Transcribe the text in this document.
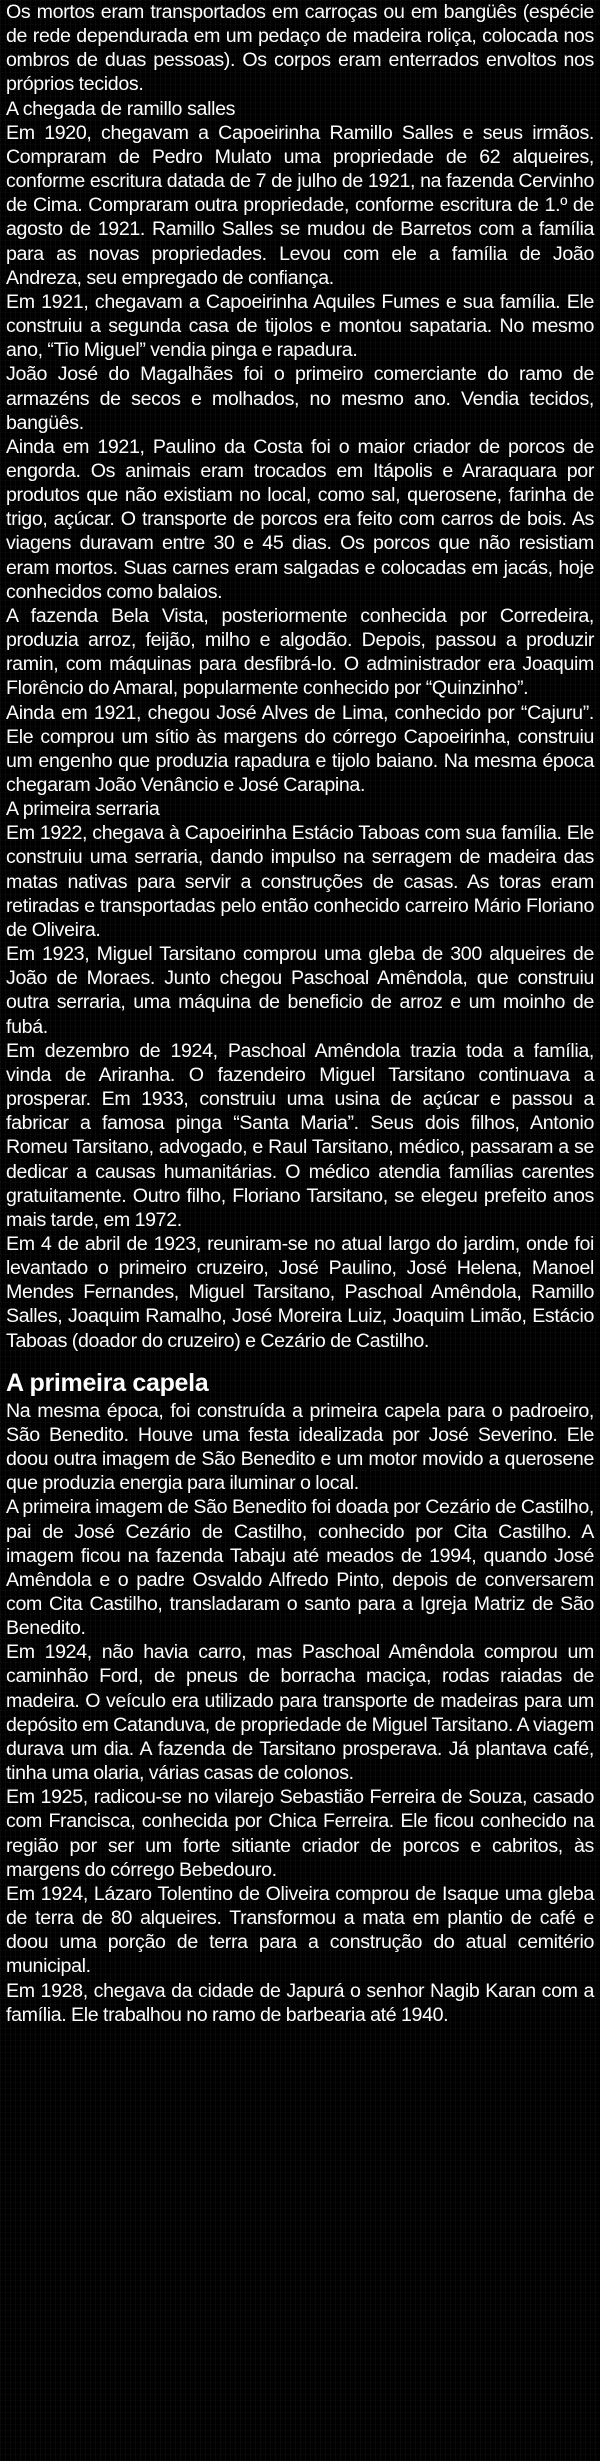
Os mortos eram transportados em carroças ou em bangüês (espécie de rede dependurada em um pedaço de madeira roliça, colocada nos ombros de duas pessoas). Os corpos eram enterrados envoltos nos próprios tecidos.

A chegada de ramillo salles

Em 1920, chegavam a Capoeirinha Ramillo Salles e seus irmãos. Compraram de Pedro Mulato uma propriedade de 62 alqueires, conforme escritura datada de 7 de julho de 1921, na fazenda Cervinho de Cima. Compraram outra propriedade, conforme escritura de 1.º de agosto de 1921. Ramillo Salles se mudou de Barretos com a família para as novas propriedades. Levou com ele a família de João Andreza, seu empregado de confiança.

Em 1921, chegavam a Capoeirinha Aquiles Fumes e sua família. Ele construiu a segunda casa de tijolos e montou sapataria. No mesmo ano, “Tio Miguel” vendia pinga e rapadura.

João José do Magalhães foi o primeiro comerciante do ramo de armazéns de secos e molhados, no mesmo ano. Vendia tecidos, bangüês.

Ainda em 1921, Paulino da Costa foi o maior criador de porcos de engorda. Os animais eram trocados em Itápolis e Araraquara por produtos que não existiam no local, como sal, querosene, farinha de trigo, açúcar. O transporte de porcos era feito com carros de bois. As viagens duravam entre 30 e 45 dias. Os porcos que não resistiam eram mortos. Suas carnes eram salgadas e colocadas em jacás, hoje conhecidos como balaios.

A fazenda Bela Vista, posteriormente conhecida por Corredeira, produzia arroz, feijão, milho e algodão. Depois, passou a produzir ramin, com máquinas para desfibrá-lo. O administrador era Joaquim Florêncio do Amaral, popularmente conhecido por “Quinzinho”.

Ainda em 1921, chegou José Alves de Lima, conhecido por “Cajuru”. Ele comprou um sítio às margens do córrego Capoeirinha, construiu um engenho que produzia rapadura e tijolo baiano. Na mesma época chegaram João Venâncio e José Carapina.

A primeira serraria

Em 1922, chegava à Capoeirinha Estácio Taboas com sua família. Ele construiu uma serraria, dando impulso na serragem de madeira das matas nativas para servir a construções de casas. As toras eram retiradas e transportadas pelo então conhecido carreiro Mário Floriano de Oliveira.

Em 1923, Miguel Tarsitano comprou uma gleba de 300 alqueires de João de Moraes. Junto chegou Paschoal Amêndola, que construiu outra serraria, uma máquina de beneficio de arroz e um moinho de fubá.

Em dezembro de 1924, Paschoal Amêndola trazia toda a família, vinda de Ariranha. O fazendeiro Miguel Tarsitano continuava a prosperar. Em 1933, construiu uma usina de açúcar e passou a fabricar a famosa pinga “Santa Maria”. Seus dois filhos, Antonio Romeu Tarsitano, advogado, e Raul Tarsitano, médico, passaram a se dedicar a causas humanitárias. O médico atendia famílias carentes gratuitamente. Outro filho, Floriano Tarsitano, se elegeu prefeito anos mais tarde, em 1972.

Em 4 de abril de 1923, reuniram-se no atual largo do jardim, onde foi levantado o primeiro cruzeiro, José Paulino, José Helena, Manoel Mendes Fernandes, Miguel Tarsitano, Paschoal Amêndola, Ramillo Salles, Joaquim Ramalho, José Moreira Luiz, Joaquim Limão, Estácio Taboas (doador do cruzeiro) e Cezário de Castilho.

A primeira capela

Na mesma época, foi construída a primeira capela para o padroeiro, São Benedito. Houve uma festa idealizada por José Severino. Ele doou outra imagem de São Benedito e um motor movido a querosene que produzia energia para iluminar o local.

A primeira imagem de São Benedito foi doada por Cezário de Castilho, pai de José Cezário de Castilho, conhecido por Cita Castilho. A imagem ficou na fazenda Tabaju até meados de 1994, quando José Amêndola e o padre Osvaldo Alfredo Pinto, depois de conversarem com Cita Castilho, transladaram o santo para a Igreja Matriz de São Benedito.

Em 1924, não havia carro, mas Paschoal Amêndola comprou um caminhão Ford, de pneus de borracha maciça, rodas raiadas de madeira. O veículo era utilizado para transporte de madeiras para um depósito em Catanduva, de propriedade de Miguel Tarsitano. A viagem durava um dia. A fazenda de Tarsitano prosperava. Já plantava café, tinha uma olaria, várias casas de colonos.

Em 1925, radicou-se no vilarejo Sebastião Ferreira de Souza, casado com Francisca, conhecida por Chica Ferreira. Ele ficou conhecido na região por ser um forte sitiante criador de porcos e cabritos, às margens do córrego Bebedouro.

Em 1924, Lázaro Tolentino de Oliveira comprou de Isaque uma gleba de terra de 80 alqueires. Transformou a mata em plantio de café e doou uma porção de terra para a construção do atual cemitério municipal.

Em 1928, chegava da cidade de Japurá o senhor Nagib Karan com a família. Ele trabalhou no ramo de barbearia até 1940.
